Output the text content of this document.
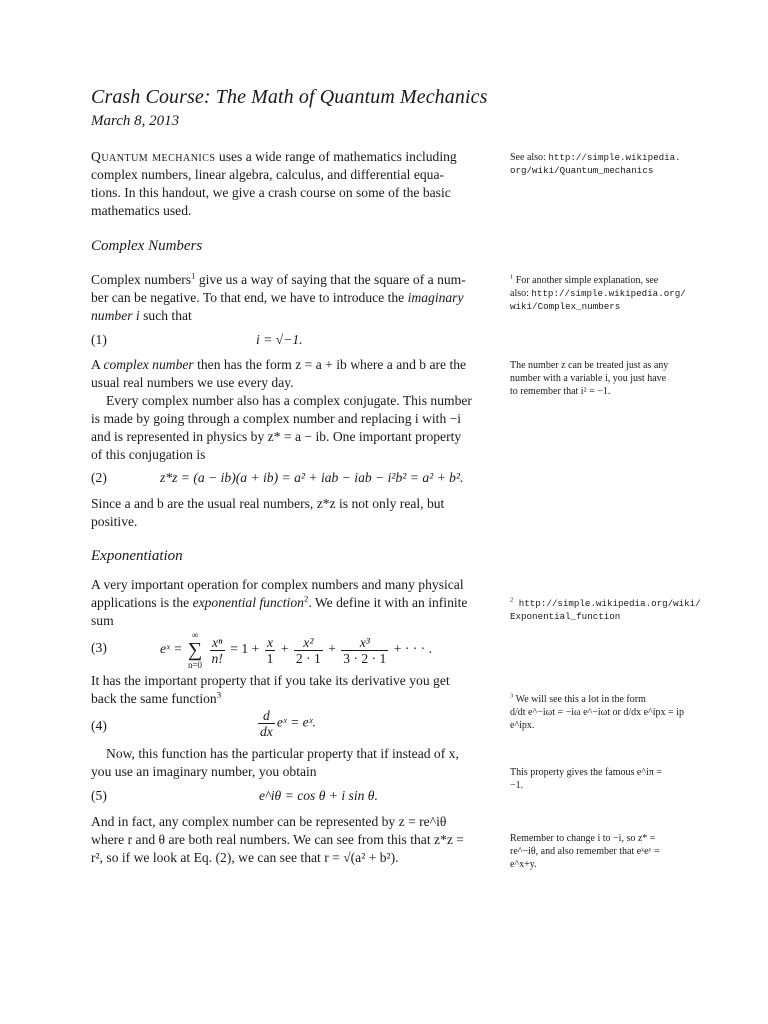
Crash Course: The Math of Quantum Mechanics
March 8, 2013
Quantum mechanics uses a wide range of mathematics including
complex numbers, linear algebra, calculus, and differential equa-
tions. In this handout, we give a crash course on some of the basic
mathematics used.
Complex Numbers
Complex numbers$^1$ give us a way of saying that the square of a num-
ber can be negative. To that end, we have to introduce the imaginary
number i such that
(1)	i = √−1.
A complex number then has the form z = a + ib where a and b are the
usual real numbers we use every day.
Every complex number also has a complex conjugate. This number
is made by going through a complex number and replacing i with −i
and is represented in physics by z* = a − ib. One important property
of this conjugation is
(2)	z*z = (a − ib)(a + ib) = a² + iab − iab − i²b² = a² + b².
Since a and b are the usual real numbers, z*z is not only real, but
positive.
Exponentiation
A very important operation for complex numbers and many physical
applications is the exponential function$^2$. We define it with an infinite
sum
(3)	eˣ =
∞
∑
n=0
$\frac{\text{xⁿ}}{n!} = 1 + \frac{x}{1} + \frac{\text{x²}}{2 \cdot 1} + \frac{\text{x³}}{3 \cdot 2 \cdot 1}$ + · · · .
It has the important property that if you take its derivative you get
back the same function$^3$
(4)	$\frac{d}{dx}$ eˣ = eˣ.
Now, this function has the particular property that if instead of x,
you use an imaginary number, you obtain
(5)	e^iθ = cos θ + i sin θ.
And in fact, any complex number can be represented by z = re^iθ
where r and θ are both real numbers. We can see from this that z*z =
r², so if we look at Eq. (2), we can see that r = √(a² + b²).
See also: http://simple.wikipedia.
org/wiki/Quantum_mechanics
$^1$ For another simple explanation, see
also: http://simple.wikipedia.org/
wiki/Complex_numbers
The number z can be treated just as any
number with a variable i, you just have
to remember that i² = −1.
$^2$ http://simple.wikipedia.org/wiki/
Exponential_function
$^3$ We will see this a lot in the form
d/dt e^−iωt = −iω e^−iωt or d/dx e^ipx = ip e^ipx.
This property gives the famous e^iπ =
−1.
Remember to change i to −i, so z* =
re^−iθ, and also remember that eˣeʸ =
e^x+y.
